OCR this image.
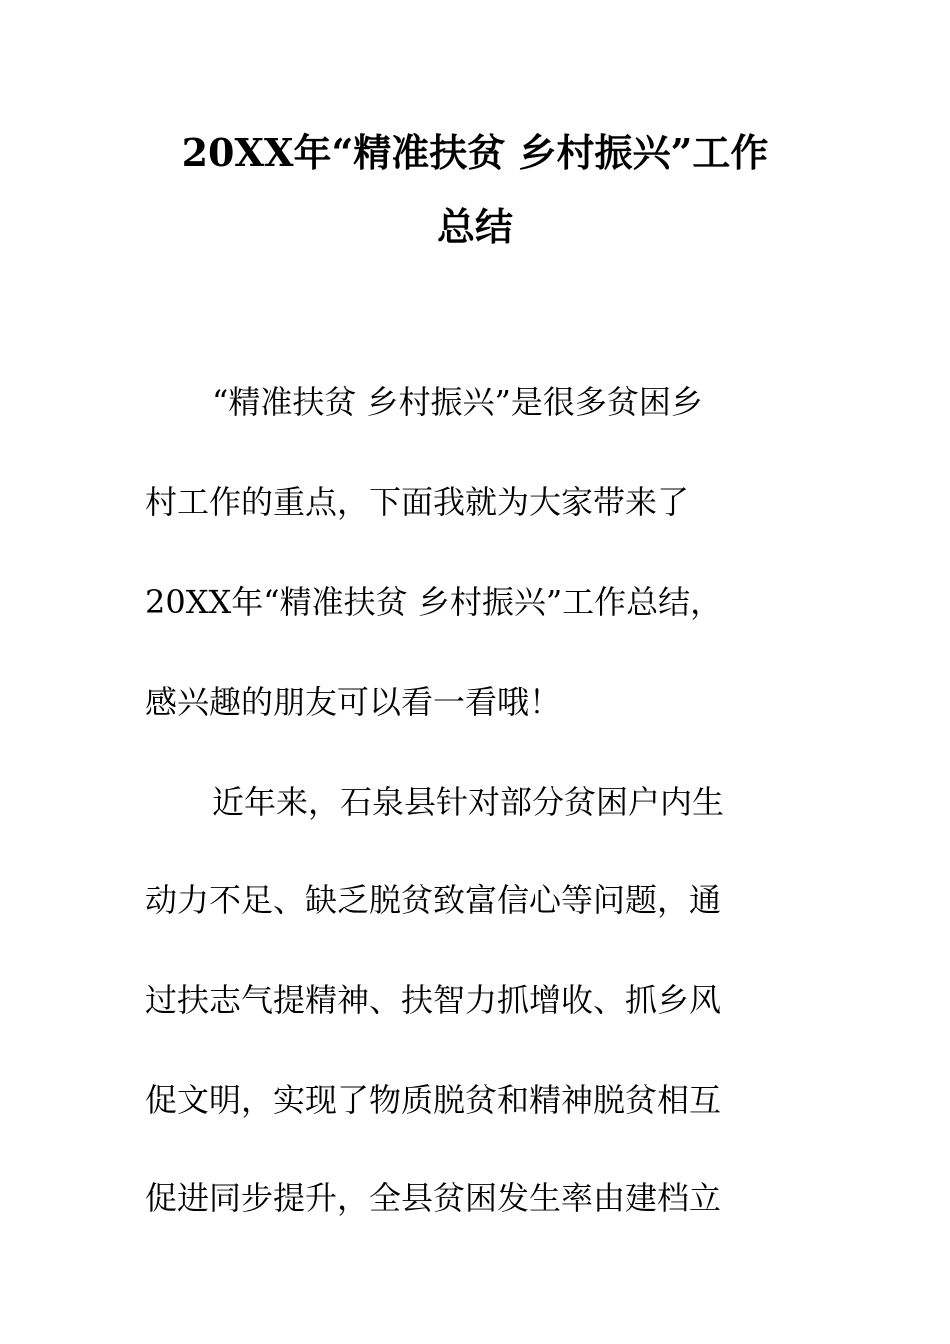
20XX年“精准扶贫 乡村振兴”工作
总结
“精准扶贫 乡村振兴”是很多贫困乡
村工作的重点，下面我就为大家带来了
20XX年“精准扶贫 乡村振兴”工作总结，
感兴趣的朋友可以看一看哦！
近年来，石泉县针对部分贫困户内生
动力不足、缺乏脱贫致富信心等问题，通
过扶志气提精神、扶智力抓增收、抓乡风
促文明，实现了物质脱贫和精神脱贫相互
促进同步提升，全县贫困发生率由建档立
